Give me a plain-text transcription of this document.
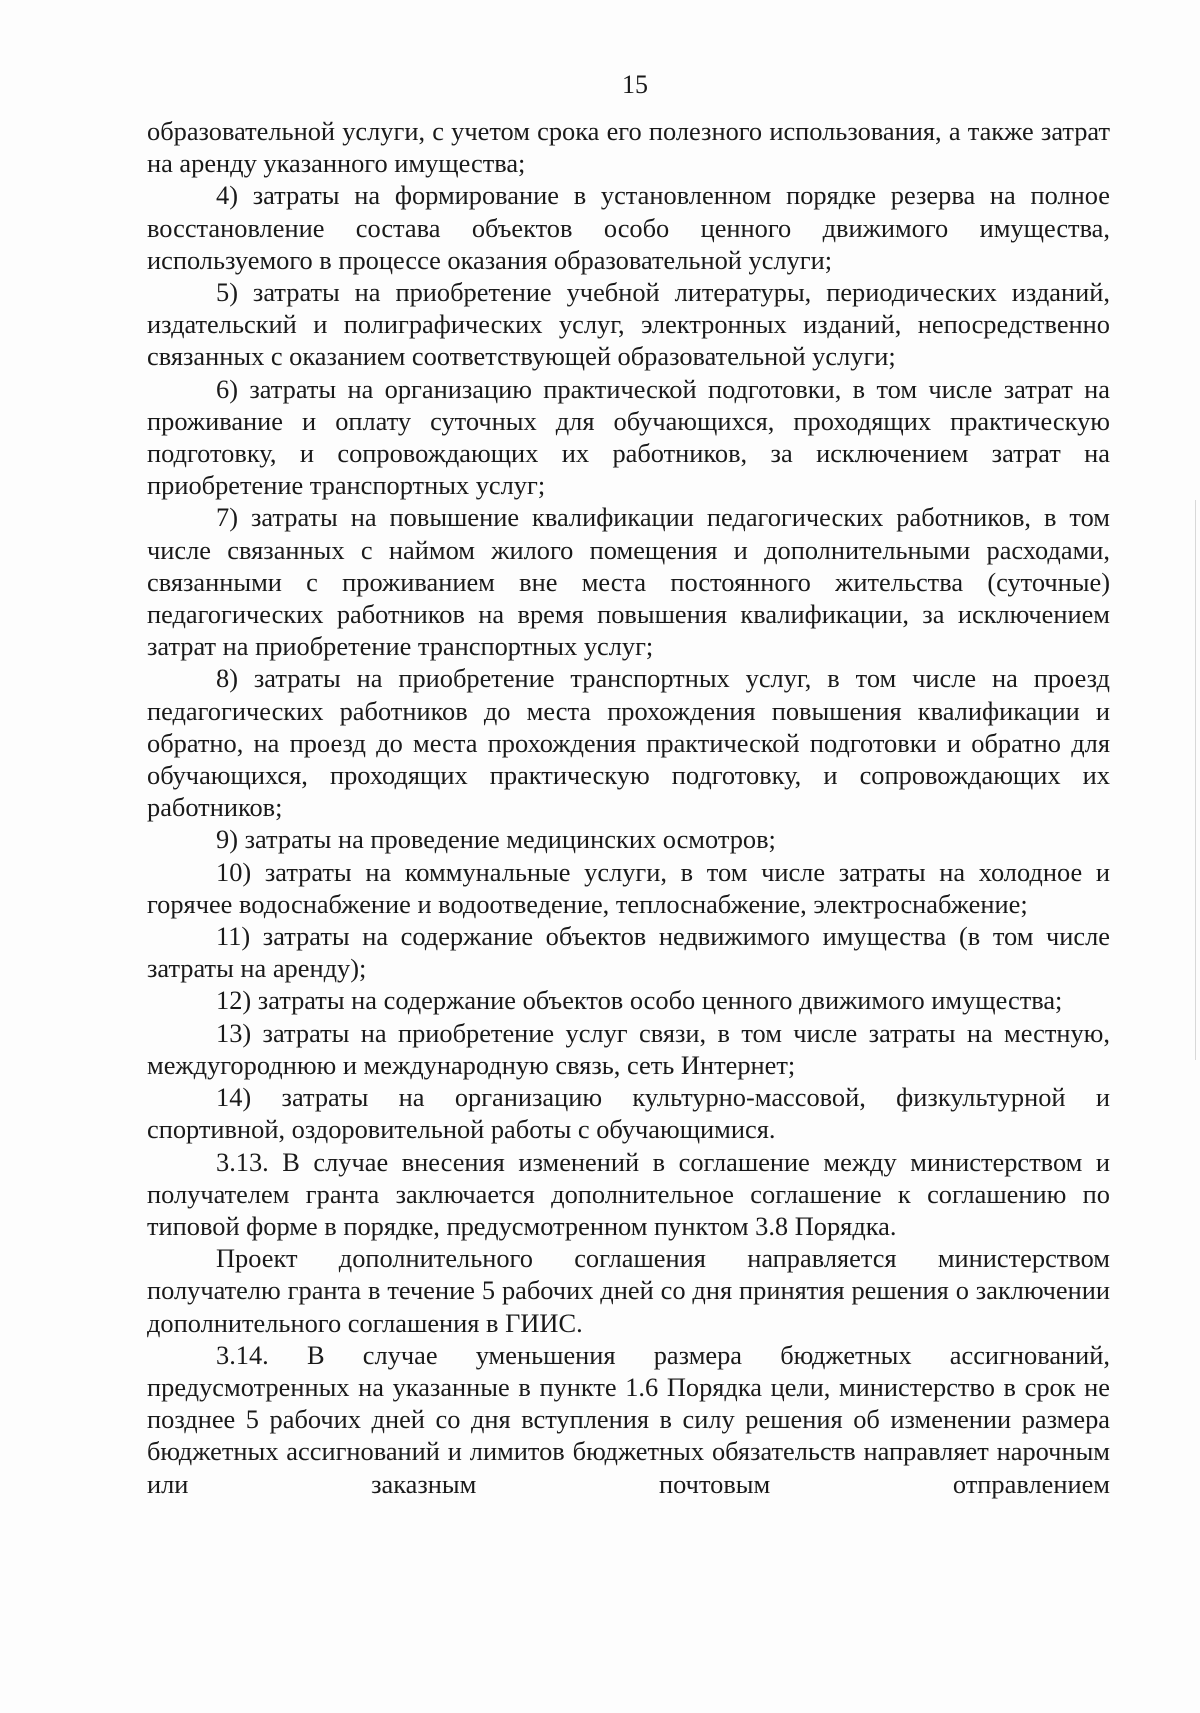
15

образовательной услуги, с учетом срока его полезного использования, а также затрат на аренду указанного имущества;

4) затраты на формирование в установленном порядке резерва на полное восстановление состава объектов особо ценного движимого имущества, используемого в процессе оказания образовательной услуги;

5) затраты на приобретение учебной литературы, периодических изданий, издательский и полиграфических услуг, электронных изданий, непосредственно связанных с оказанием соответствующей образовательной услуги;

6) затраты на организацию практической подготовки, в том числе затрат на проживание и оплату суточных для обучающихся, проходящих практическую подготовку, и сопровождающих их работников, за исключением затрат на приобретение транспортных услуг;

7) затраты на повышение квалификации педагогических работников, в том числе связанных с наймом жилого помещения и дополнительными расходами, связанными с проживанием вне места постоянного жительства (суточные) педагогических работников на время повышения квалификации, за исключением затрат на приобретение транспортных услуг;

8) затраты на приобретение транспортных услуг, в том числе на проезд педагогических работников до места прохождения повышения квалификации и обратно, на проезд до места прохождения практической подготовки и обратно для обучающихся, проходящих практическую подготовку, и сопровождающих их работников;

9) затраты на проведение медицинских осмотров;

10) затраты на коммунальные услуги, в том числе затраты на холодное и горячее водоснабжение и водоотведение, теплоснабжение, электроснабжение;

11) затраты на содержание объектов недвижимого имущества (в том числе затраты на аренду);

12) затраты на содержание объектов особо ценного движимого имущества;

13) затраты на приобретение услуг связи, в том числе затраты на местную, междугороднюю и международную связь, сеть Интернет;

14) затраты на организацию культурно-массовой, физкультурной и спортивной, оздоровительной работы с обучающимися.

3.13. В случае внесения изменений в соглашение между министерством и получателем гранта заключается дополнительное соглашение к соглашению по типовой форме в порядке, предусмотренном пунктом 3.8 Порядка.

Проект дополнительного соглашения направляется министерством получателю гранта в течение 5 рабочих дней со дня принятия решения о заключении дополнительного соглашения в ГИИС.

3.14. В случае уменьшения размера бюджетных ассигнований, предусмотренных на указанные в пункте 1.6 Порядка цели, министерство в срок не позднее 5 рабочих дней со дня вступления в силу решения об изменении размера бюджетных ассигнований и лимитов бюджетных обязательств направляет нарочным или заказным почтовым отправлением
